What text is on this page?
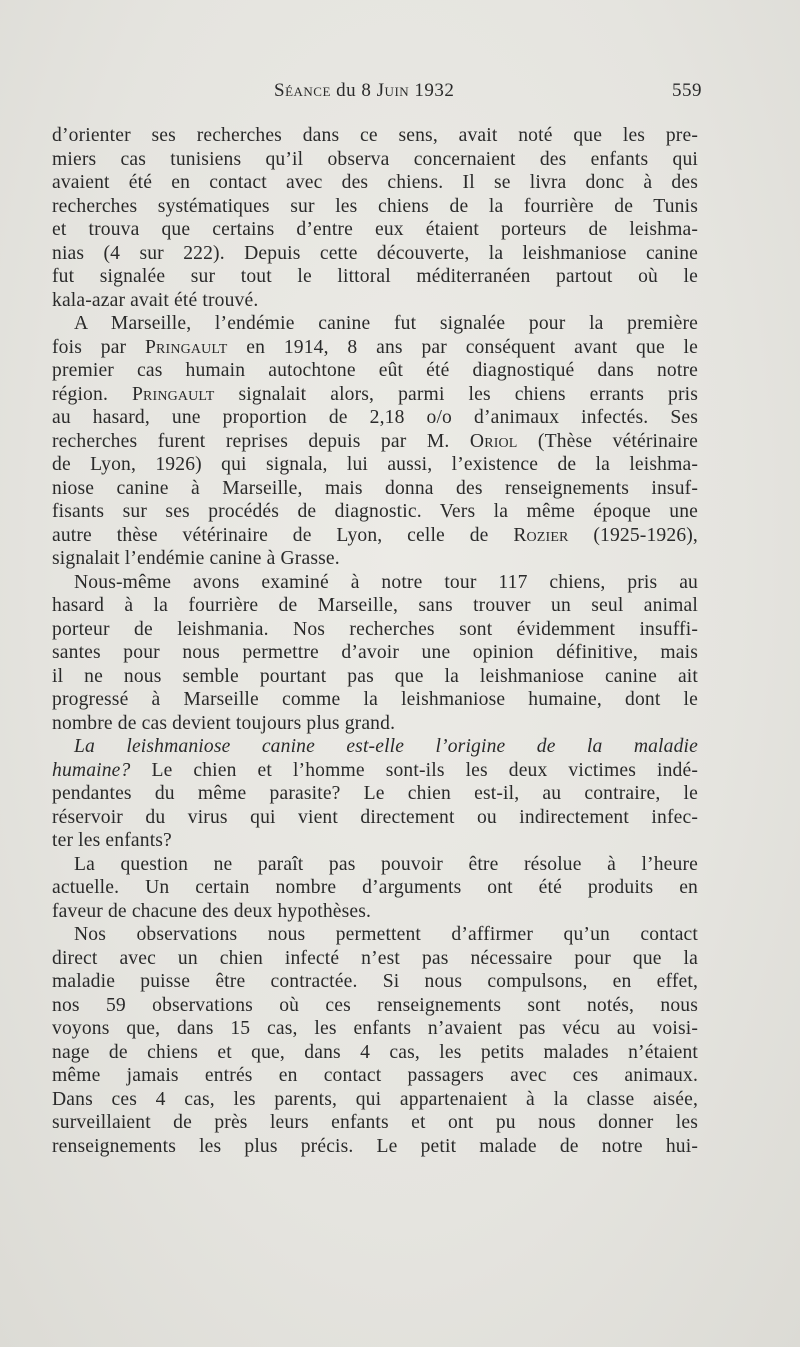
Séance du 8 Juin 1932	559
d’orienter ses recherches dans ce sens, avait noté que les pre-
miers cas tunisiens qu’il observa concernaient des enfants qui
avaient été en contact avec des chiens. Il se livra donc à des
recherches systématiques sur les chiens de la fourrière de Tunis
et trouva que certains d’entre eux étaient porteurs de leishma-
nias (4 sur 222). Depuis cette découverte, la leishmaniose canine
fut signalée sur tout le littoral méditerranéen partout où le
kala-azar avait été trouvé.
A Marseille, l’endémie canine fut signalée pour la première
fois par Pringault en 1914, 8 ans par conséquent avant que le
premier cas humain autochtone eût été diagnostiqué dans notre
région. Pringault signalait alors, parmi les chiens errants pris
au hasard, une proportion de 2,18 o/o d’animaux infectés. Ses
recherches furent reprises depuis par M. Oriol (Thèse vétérinaire
de Lyon, 1926) qui signala, lui aussi, l’existence de la leishma-
niose canine à Marseille, mais donna des renseignements insuf-
fisants sur ses procédés de diagnostic. Vers la même époque une
autre thèse vétérinaire de Lyon, celle de Rozier (1925-1926),
signalait l’endémie canine à Grasse.
Nous-même avons examiné à notre tour 117 chiens, pris au
hasard à la fourrière de Marseille, sans trouver un seul animal
porteur de leishmania. Nos recherches sont évidemment insuffi-
santes pour nous permettre d’avoir une opinion définitive, mais
il ne nous semble pourtant pas que la leishmaniose canine ait
progressé à Marseille comme la leishmaniose humaine, dont le
nombre de cas devient toujours plus grand.
La leishmaniose canine est-elle l’origine de la maladie
humaine? Le chien et l’homme sont-ils les deux victimes indé-
pendantes du même parasite? Le chien est-il, au contraire, le
réservoir du virus qui vient directement ou indirectement infec-
ter les enfants?
La question ne paraît pas pouvoir être résolue à l’heure
actuelle. Un certain nombre d’arguments ont été produits en
faveur de chacune des deux hypothèses.
Nos observations nous permettent d’affirmer qu’un contact
direct avec un chien infecté n’est pas nécessaire pour que la
maladie puisse être contractée. Si nous compulsons, en effet,
nos 59 observations où ces renseignements sont notés, nous
voyons que, dans 15 cas, les enfants n’avaient pas vécu au voisi-
nage de chiens et que, dans 4 cas, les petits malades n’étaient
même jamais entrés en contact passagers avec ces animaux.
Dans ces 4 cas, les parents, qui appartenaient à la classe aisée,
surveillaient de près leurs enfants et ont pu nous donner les
renseignements les plus précis. Le petit malade de notre hui-
